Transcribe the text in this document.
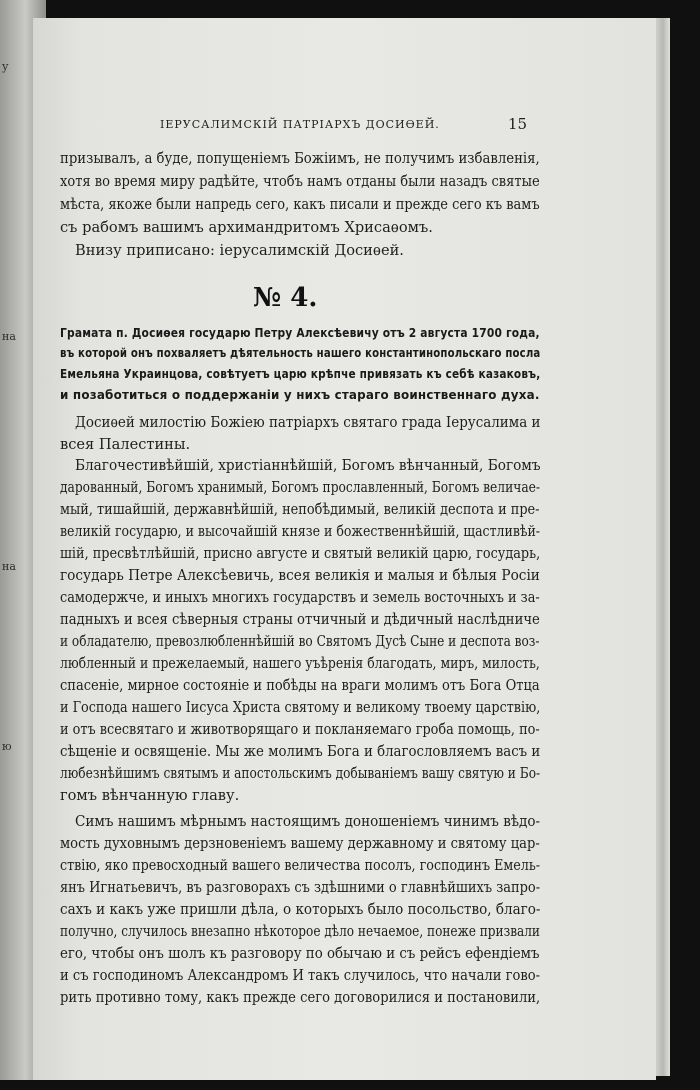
у
на
на
ю
ІЕРУСАЛИМСКІЙ ПАТРІАРХЪ ДОСИѲЕЙ.	15
призывалъ, а буде, попущеніемъ Божіимъ, не получимъ избавленія,
хотя во время миру радѣйте, чтобъ намъ отданы были назадъ святые
мѣста, якоже были напредь сего, какъ писали и прежде сего къ вамъ
съ рабомъ вашимъ архимандритомъ Хрисаѳомъ.
Внизу приписано: іерусалимскій Досиѳей.
№ 4.
Грамата п. Досиѳея государю Петру Алексѣевичу отъ 2 августа 1700 года,
въ которой онъ похваляетъ дѣятельность нашего константинопольскаго посла
Емельяна Украинцова, совѣтуетъ царю крѣпче привязать къ себѣ казаковъ,
и позаботиться о поддержаніи у нихъ стараго воинственнаго духа.
Досиѳей милостію Божіею патріархъ святаго града Іерусалима и
всея Палестины.
Благочестивѣйшій, христіаннѣйшій, Богомъ вѣнчанный, Богомъ
дарованный, Богомъ хранимый, Богомъ прославленный, Богомъ величае-
мый, тишайшій, державнѣйшій, непобѣдимый, великій деспота и пре-
великій государю, и высочайшій князе и божественнѣйшій, щастливѣй-
шій, пресвѣтлѣйшій, присно августе и святый великій царю, государь,
государь Петре Алексѣевичь, всея великія и малыя и бѣлыя Росіи
самодержче, и иныхъ многихъ государствъ и земель восточныхъ и за-
падныхъ и всея сѣверныя страны отчичный и дѣдичный наслѣдниче
и обладателю, превозлюбленнѣйшій во Святомъ Дусѣ Сыне и деспота воз-
любленный и прежелаемый, нашего уъѣренія благодать, миръ, милость,
спасеніе, мирное состояніе и побѣды на враги молимъ отъ Бога Отца
и Господа нашего Іисуса Христа святому и великому твоему царствію,
и отъ всесвятаго и животворящаго и покланяемаго гроба помощь, по-
сѣщеніе и освященіе. Мы же молимъ Бога и благословляемъ васъ и
любезнѣйшимъ святымъ и апостольскимъ добыванiемъ вашу святую и Бо-
гомъ вѣнчанную главу.
Симъ нашимъ мѣрнымъ настоящимъ доношеніемъ чинимъ вѣдо-
мость духовнымъ дерзновеніемъ вашему державному и святому цар-
ствію, яко превосходный вашего величества посолъ, господинъ Емель-
янъ Игнатьевичъ, въ разговорахъ съ здѣшними о главнѣйшихъ запро-
сахъ и какъ уже пришли дѣла, о которыхъ было посольство, благо-
получно, случилось внезапно нѣкоторое дѣло нечаемое, понеже призвали
его, чтобы онъ шолъ къ разговору по обычаю и съ рейсъ ефендіемъ
и съ господиномъ Александромъ И такъ случилось, что начали гово-
рить противно тому, какъ прежде сего договорилися и постановили,
